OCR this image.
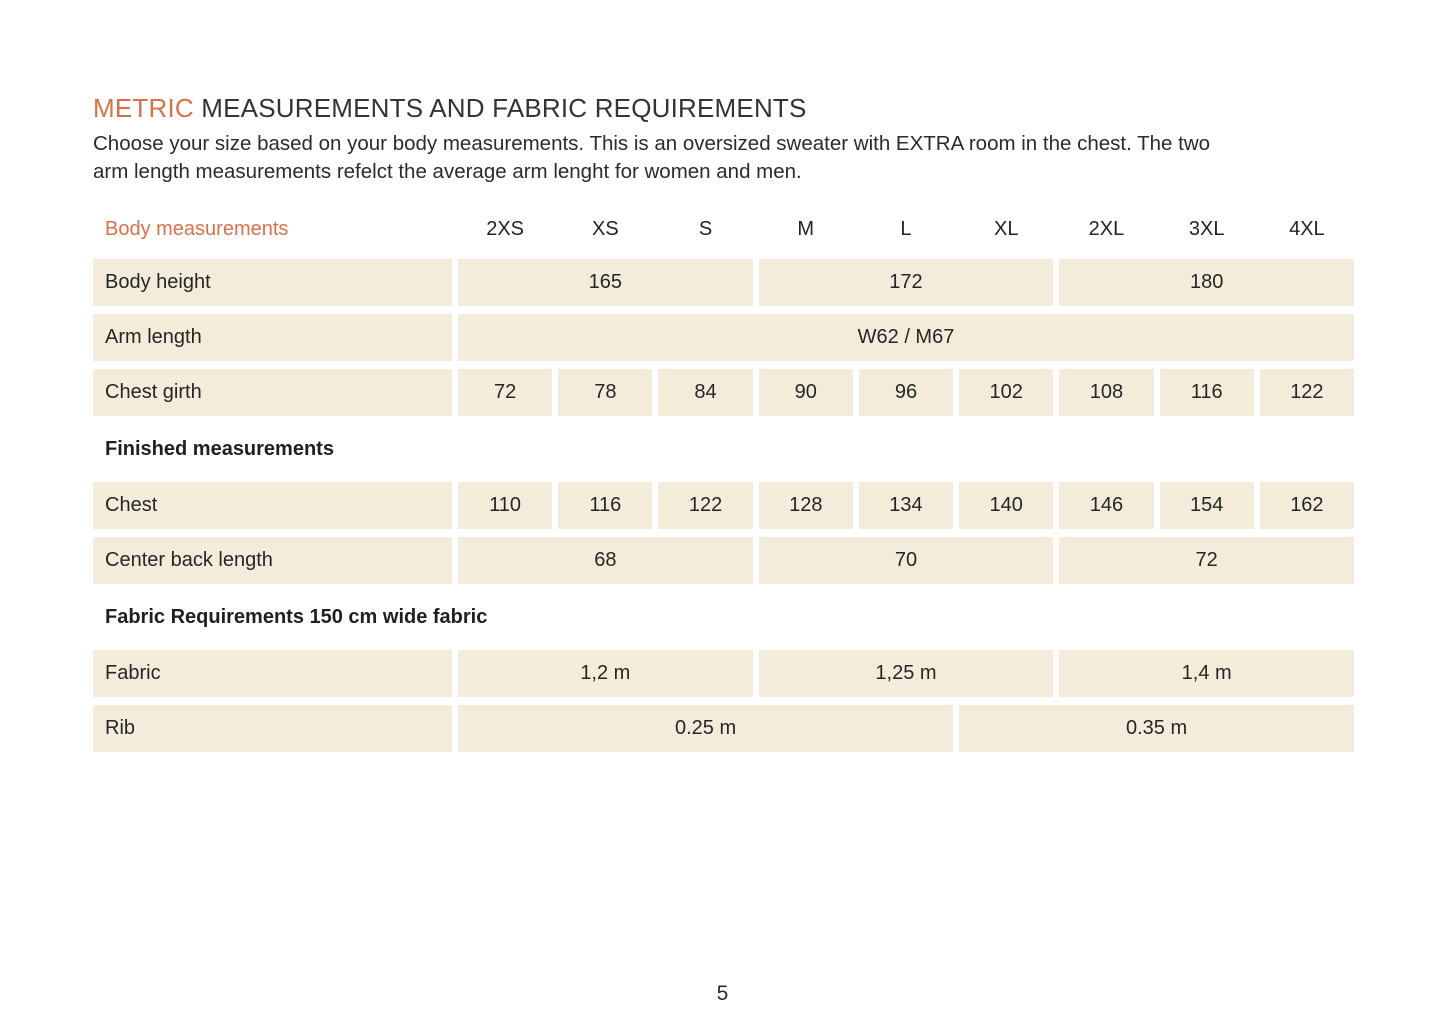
METRIC MEASUREMENTS AND FABRIC REQUIREMENTS

Choose your size based on your body measurements. This is an oversized sweater with EXTRA room in the chest. The two
arm length measurements refelct the average arm lenght for women and men.

Body measurements	2XS	XS	S	M	L	XL	2XL	3XL	4XL
Body height	165	172	180
Arm length	W62 / M67
Chest girth	72	78	84	90	96	102	108	116	122
Finished measurements
Chest	110	116	122	128	134	140	146	154	162
Center back length	68	70	72
Fabric Requirements 150 cm wide fabric
Fabric	1,2 m	1,25 m	1,4 m
Rib	0.25 m	0.35 m
5
